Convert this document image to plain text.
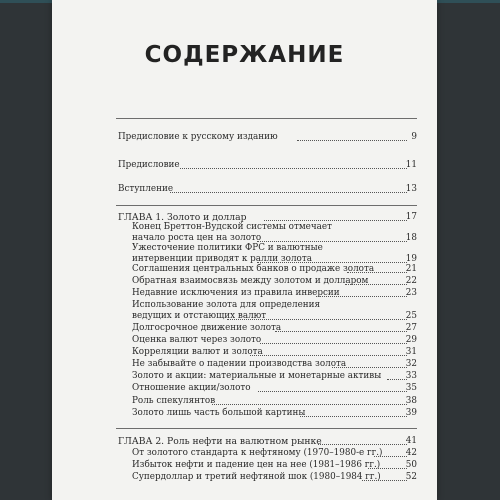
СОДЕРЖАНИЕ
Предисловие к русскому изданию	9
Предисловие	11
Вступление	13
ГЛАВА 1. Золото и доллар	17
Конец Бреттон-Вудской системы отмечает начало роста цен на золото	18
Ужесточение политики ФРС и валютные интервенции приводят к ралли золота	19
Соглашения центральных банков о продаже золота	21
Обратная взаимосвязь между золотом и долларом	22
Недавние исключения из правила инверсии	23
Использование золота для определения ведущих и отстающих валют	25
Долгосрочное движение золота	27
Оценка валют через золото	29
Корреляции валют и золота	31
Не забывайте о падении производства золота	32
Золото и акции: материальные и монетарные активы	33
Отношение акции/золото	35
Роль спекулянтов	38
Золото лишь часть большой картины	39
ГЛАВА 2. Роль нефти на валютном рынке	41
От золотого стандарта к нефтяному (1970–1980-е гг.)	42
Избыток нефти и падение цен на нее (1981–1986 гг.)	50
Супердоллар и третий нефтяной шок (1980–1984 гг.)	52
